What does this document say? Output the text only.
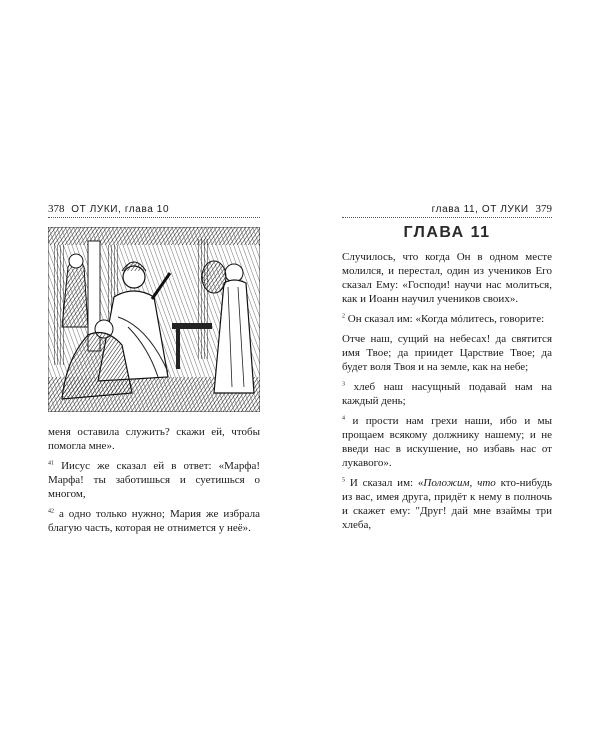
378 ОТ ЛУКИ, глава 10

меня оставила служить? скажи ей, чтобы помогла мне».

$^{41}$ Иисус же сказал ей в ответ: «Марфа! Марфа! ты заботишься и суетишься о многом,

$^{42}$ а одно только нужно; Мария же избрала благую часть, которая не отнимется у неё».

глава 11, ОТ ЛУКИ 379
ГЛАВА 11

Случилось, что когда Он в одном месте молился, и перестал, один из учеников Его сказал Ему: «Господи! научи нас молиться, как и Иоанн научил учеников своих».

$^2$ Он сказал им: «Когда мóлитесь, говорите:

Отче наш, сущий на небесах! да святится имя Твое; да приидет Царствие Твое; да будет воля Твоя и на земле, как на небе;

$^3$ хлеб наш насущный подавай нам на каждый день;

$^4$ и прости нам грехи наши, ибо и мы прощаем всякому должнику нашему; и не введи нас в искушение, но избавь нас от лукавого».

$^5$ И сказал им: «Положим, что кто-нибудь из вас, имея друга, придёт к нему в полночь и скажет ему: "Друг! дай мне взаймы три хлеба,
